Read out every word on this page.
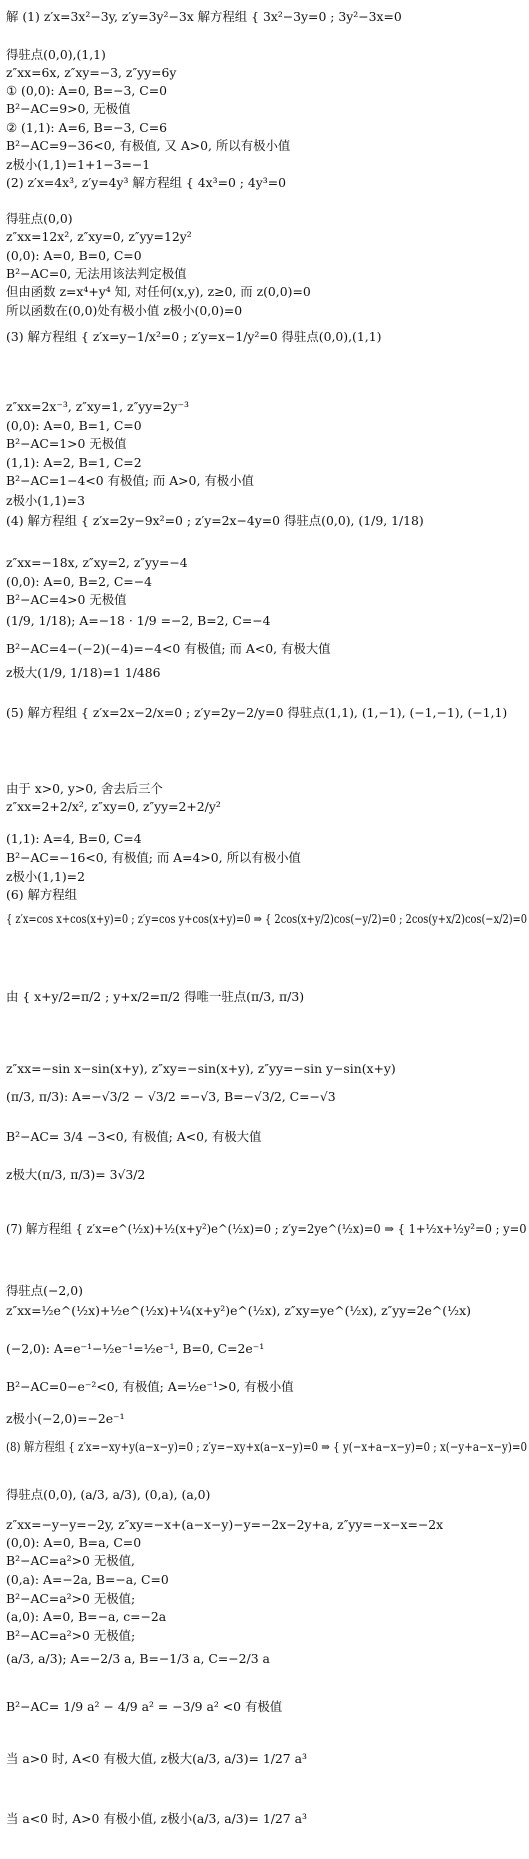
解 (1) z′x=3x²−3y, z′y=3y²−3x 解方程组 { 3x²−3y=0 ; 3y²−3x=0
得驻点(0,0),(1,1)
z″xx=6x, z″xy=−3, z″yy=6y
① (0,0): A=0, B=−3, C=0
B²−AC=9>0, 无极值
② (1,1): A=6, B=−3, C=6
B²−AC=9−36<0, 有极值, 又 A>0, 所以有极小值
z极小(1,1)=1+1−3=−1
(2) z′x=4x³, z′y=4y³ 解方程组 { 4x³=0 ; 4y³=0
得驻点(0,0)
z″xx=12x², z″xy=0, z″yy=12y²
(0,0): A=0, B=0, C=0
B²−AC=0, 无法用该法判定极值
但由函数 z=x⁴+y⁴ 知, 对任何(x,y), z≥0, 而 z(0,0)=0
所以函数在(0,0)处有极小值 z极小(0,0)=0
(3) 解方程组 { z′x=y−1/x²=0 ; z′y=x−1/y²=0 得驻点(0,0),(1,1)
z″xx=2x⁻³, z″xy=1, z″yy=2y⁻³
(0,0): A=0, B=1, C=0
B²−AC=1>0 无极值
(1,1): A=2, B=1, C=2
B²−AC=1−4<0 有极值; 而 A>0, 有极小值
z极小(1,1)=3
(4) 解方程组 { z′x=2y−9x²=0 ; z′y=2x−4y=0 得驻点(0,0), (1/9, 1/18)
z″xx=−18x, z″xy=2, z″yy=−4
(0,0): A=0, B=2, C=−4
B²−AC=4>0 无极值
(1/9, 1/18); A=−18 · 1/9 =−2, B=2, C=−4
B²−AC=4−(−2)(−4)=−4<0 有极值; 而 A<0, 有极大值
z极大(1/9, 1/18)=1 1/486
(5) 解方程组 { z′x=2x−2/x=0 ; z′y=2y−2/y=0 得驻点(1,1), (1,−1), (−1,−1), (−1,1)
由于 x>0, y>0, 舍去后三个
z″xx=2+2/x², z″xy=0, z″yy=2+2/y²
(1,1): A=4, B=0, C=4
B²−AC=−16<0, 有极值; 而 A=4>0, 所以有极小值
z极小(1,1)=2
(6) 解方程组
{ z′x=cos x+cos(x+y)=0 ; z′y=cos y+cos(x+y)=0 ⇒ { 2cos(x+y/2)cos(−y/2)=0 ; 2cos(y+x/2)cos(−x/2)=0
由 { x+y/2=π/2 ; y+x/2=π/2 得唯一驻点(π/3, π/3)
z″xx=−sin x−sin(x+y), z″xy=−sin(x+y), z″yy=−sin y−sin(x+y)
(π/3, π/3): A=−√3/2 − √3/2 =−√3, B=−√3/2, C=−√3
B²−AC= 3/4 −3<0, 有极值; A<0, 有极大值
z极大(π/3, π/3)= 3√3/2
(7) 解方程组 { z′x=e^(½x)+½(x+y²)e^(½x)=0 ; z′y=2ye^(½x)=0 ⇒ { 1+½x+½y²=0 ; y=0
得驻点(−2,0)
z″xx=½e^(½x)+½e^(½x)+¼(x+y²)e^(½x), z″xy=ye^(½x), z″yy=2e^(½x)
(−2,0): A=e⁻¹−½e⁻¹=½e⁻¹, B=0, C=2e⁻¹
B²−AC=0−e⁻²<0, 有极值; A=½e⁻¹>0, 有极小值
z极小(−2,0)=−2e⁻¹
(8) 解方程组 { z′x=−xy+y(a−x−y)=0 ; z′y=−xy+x(a−x−y)=0 ⇒ { y(−x+a−x−y)=0 ; x(−y+a−x−y)=0
得驻点(0,0), (a/3, a/3), (0,a), (a,0)
z″xx=−y−y=−2y, z″xy=−x+(a−x−y)−y=−2x−2y+a, z″yy=−x−x=−2x
(0,0): A=0, B=a, C=0
B²−AC=a²>0 无极值,
(0,a): A=−2a, B=−a, C=0
B²−AC=a²>0 无极值;
(a,0): A=0, B=−a, c=−2a
B²−AC=a²>0 无极值;
(a/3, a/3); A=−2/3 a, B=−1/3 a, C=−2/3 a
B²−AC= 1/9 a² − 4/9 a² = −3/9 a² <0 有极值
当 a>0 时, A<0 有极大值, z极大(a/3, a/3)= 1/27 a³
当 a<0 时, A>0 有极小值, z极小(a/3, a/3)= 1/27 a³
